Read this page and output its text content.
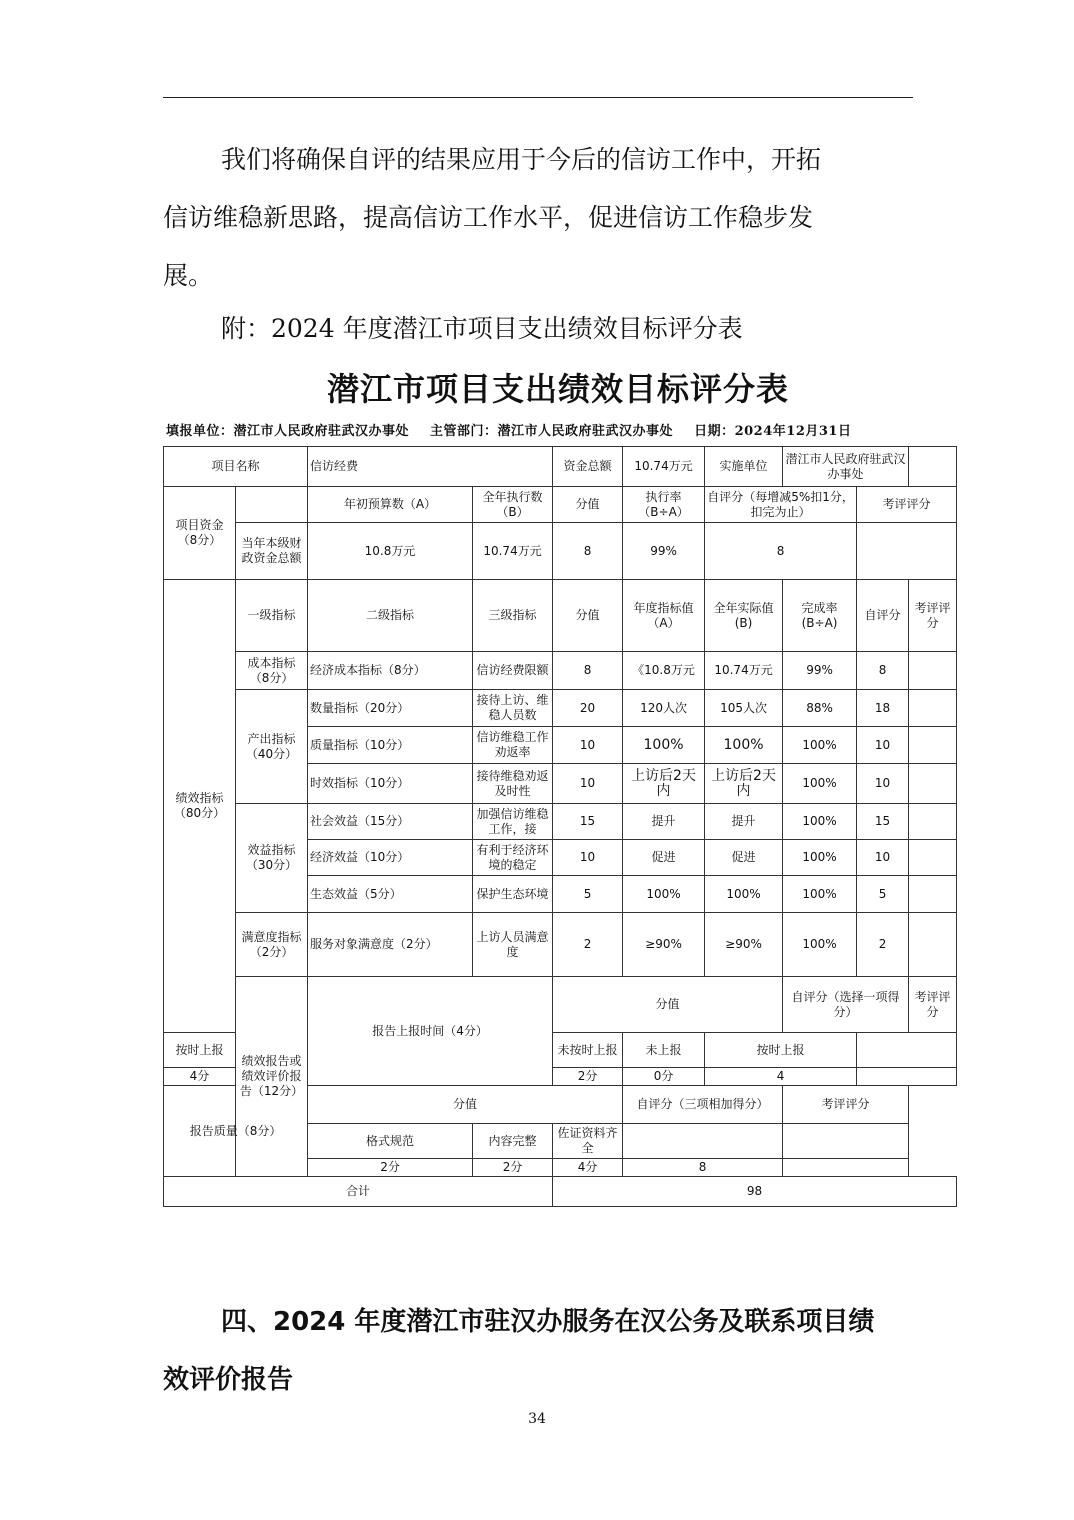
我们将确保自评的结果应用于今后的信访工作中，开拓
信访维稳新思路，提高信访工作水平，促进信访工作稳步发
展。
附：2024 年度潜江市项目支出绩效目标评分表
潜江市项目支出绩效目标评分表
填报单位：潜江市人民政府驻武汉办事处 主管部门：潜江市人民政府驻武汉办事处 日期：2024年12月31日
项目名称		信访经费		资金总额	10.74万元	实施单位	潜江市人民政府驻武汉办事处			
项目资金（8分）		年初预算数（A）	全年执行数（B）	分值	执行率（B÷A）	自评分（每增减5%扣1分，扣完为止）		考评评分		
	当年本级财政资金总额	10.8万元	10.74万元	8	99%	8				
绩效指标（80分）	一级指标	二级指标	三级指标	分值	年度指标值（A）	全年实际值(B)	完成率(B÷A)	自评分	考评评分	
	成本指标（8分）	经济成本指标（8分）	信访经费限额	8	《10.8万元	10.74万元	99%	8		
	产出指标（40分）	数量指标（20分）	接待上访、维稳人员数	20	120人次	105人次	88%	18		
		质量指标（10分）	信访维稳工作劝返率	10	100%	100%	100%	10		
		时效指标（10分）	接待维稳劝返及时性	10	上访后2天内	上访后2天内	100%	10		
	效益指标（30分）	社会效益（15分）	加强信访维稳工作，接	15	提升	提升	100%	15		
		经济效益（10分）	有利于经济环境的稳定	10	促进	促进	100%	10		
		生态效益（5分）	保护生态环境	5	100%	100%	100%	5		
	满意度指标（2分）	服务对象满意度（2分）	上访人员满意度	2	≥90%	≥90%	100%	2		
	绩效报告或绩效评价报告（12分）	报告上报时间（4分）		分值			自评分（选择一项得分）		考评评分	
按时上报				未按时上报	未上报	按时上报				
4分				2分	0分	4				
报告质量（8分）		分值			自评分（三项相加得分）		考评评分			
		格式规范	内容完整	佐证资料齐全						
		2分	2分	4分	8					
合计				98						
四、2024 年度潜江市驻汉办服务在汉公务及联系项目绩
效评价报告
34
